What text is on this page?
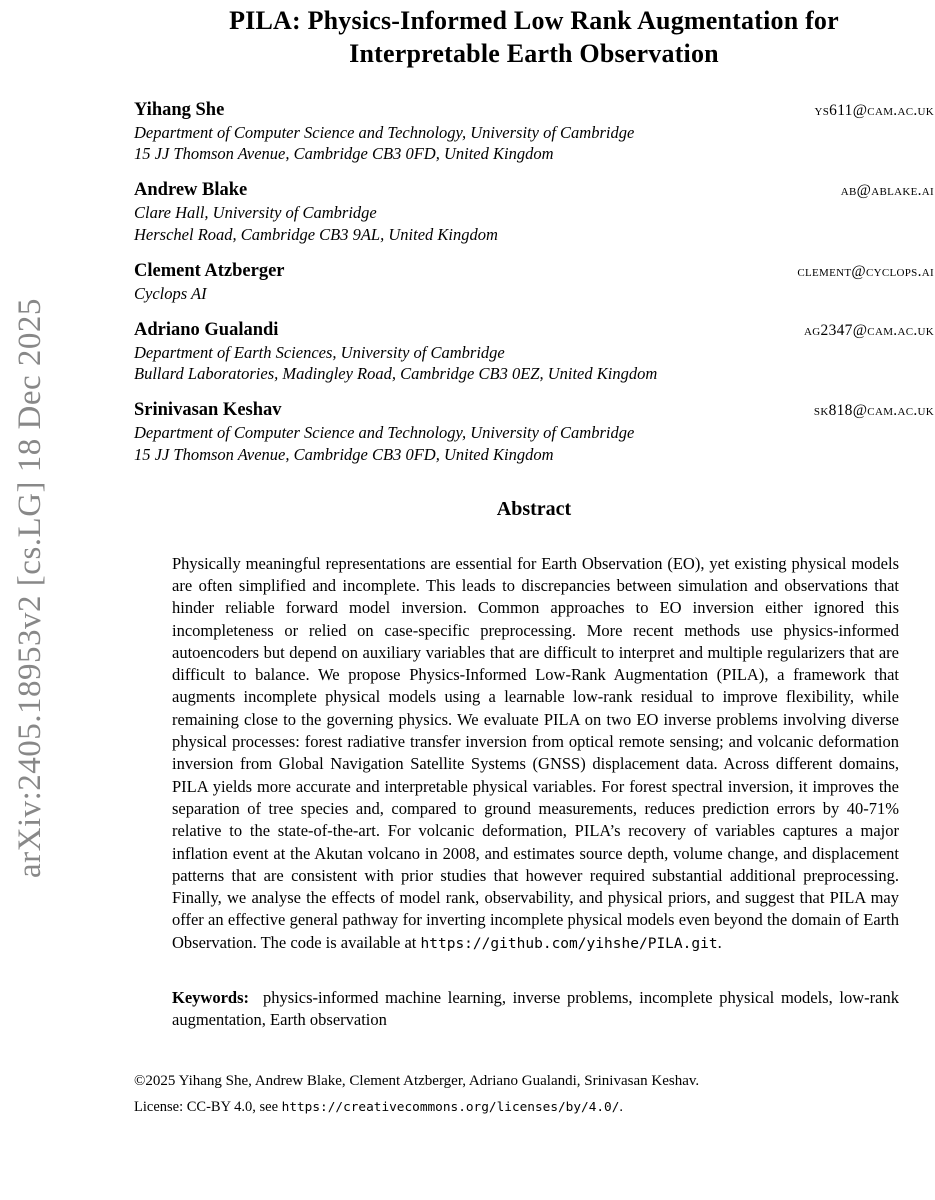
arXiv:2405.18953v2 [cs.LG] 18 Dec 2025
PILA: Physics-Informed Low Rank Augmentation for Interpretable Earth Observation
Yihang She	ys611@cam.ac.uk
Department of Computer Science and Technology, University of Cambridge
15 JJ Thomson Avenue, Cambridge CB3 0FD, United Kingdom
Andrew Blake	ab@ablake.ai
Clare Hall, University of Cambridge
Herschel Road, Cambridge CB3 9AL, United Kingdom
Clement Atzberger	clement@cyclops.ai
Cyclops AI
Adriano Gualandi	ag2347@cam.ac.uk
Department of Earth Sciences, University of Cambridge
Bullard Laboratories, Madingley Road, Cambridge CB3 0EZ, United Kingdom
Srinivasan Keshav	sk818@cam.ac.uk
Department of Computer Science and Technology, University of Cambridge
15 JJ Thomson Avenue, Cambridge CB3 0FD, United Kingdom
Abstract

Physically meaningful representations are essential for Earth Observation (EO), yet existing physical models are often simplified and incomplete. This leads to discrepancies between simulation and observations that hinder reliable forward model inversion. Common approaches to EO inversion either ignored this incompleteness or relied on case-specific preprocessing. More recent methods use physics-informed autoencoders but depend on auxiliary variables that are difficult to interpret and multiple regularizers that are difficult to balance. We propose Physics-Informed Low-Rank Augmentation (PILA), a framework that augments incomplete physical models using a learnable low-rank residual to improve flexibility, while remaining close to the governing physics. We evaluate PILA on two EO inverse problems involving diverse physical processes: forest radiative transfer inversion from optical remote sensing; and volcanic deformation inversion from Global Navigation Satellite Systems (GNSS) displacement data. Across different domains, PILA yields more accurate and interpretable physical variables. For forest spectral inversion, it improves the separation of tree species and, compared to ground measurements, reduces prediction errors by 40-71% relative to the state-of-the-art. For volcanic deformation, PILA’s recovery of variables captures a major inflation event at the Akutan volcano in 2008, and estimates source depth, volume change, and displacement patterns that are consistent with prior studies that however required substantial additional preprocessing. Finally, we analyse the effects of model rank, observability, and physical priors, and suggest that PILA may offer an effective general pathway for inverting incomplete physical models even beyond the domain of Earth Observation. The code is available at https://github.com/yihshe/PILA.git.

Keywords: physics-informed machine learning, inverse problems, incomplete physical models, low-rank augmentation, Earth observation

©2025 Yihang She, Andrew Blake, Clement Atzberger, Adriano Gualandi, Srinivasan Keshav.
License: CC-BY 4.0, see https://creativecommons.org/licenses/by/4.0/.
